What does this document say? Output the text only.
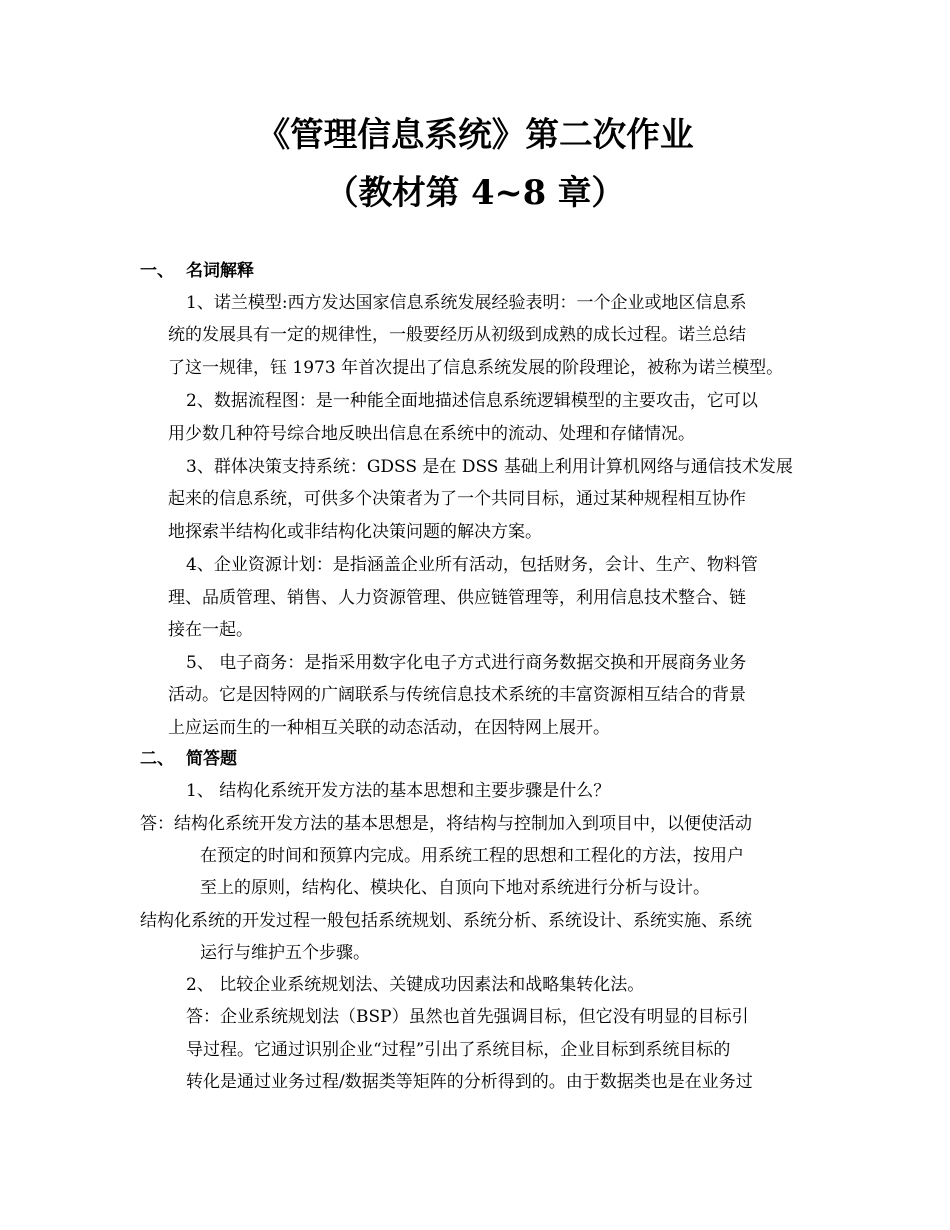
《管理信息系统》第二次作业
（教材第 4~8 章）
一、 名词解释
1、诺兰模型:西方发达国家信息系统发展经验表明：一个企业或地区信息系
统的发展具有一定的规律性，一般要经历从初级到成熟的成长过程。诺兰总结
了这一规律，钰 1973 年首次提出了信息系统发展的阶段理论，被称为诺兰模型。
2、数据流程图：是一种能全面地描述信息系统逻辑模型的主要攻击，它可以
用少数几种符号综合地反映出信息在系统中的流动、处理和存储情况。
3、群体决策支持系统：GDSS 是在 DSS 基础上利用计算机网络与通信技术发展
起来的信息系统，可供多个决策者为了一个共同目标，通过某种规程相互协作
地探索半结构化或非结构化决策问题的解决方案。
4、企业资源计划：是指涵盖企业所有活动，包括财务，会计、生产、物料管
理、品质管理、销售、人力资源管理、供应链管理等，利用信息技术整合、链
接在一起。
5、 电子商务：是指采用数字化电子方式进行商务数据交换和开展商务业务
活动。它是因特网的广阔联系与传统信息技术系统的丰富资源相互结合的背景
上应运而生的一种相互关联的动态活动，在因特网上展开。
二、 简答题
1、 结构化系统开发方法的基本思想和主要步骤是什么？
答：结构化系统开发方法的基本思想是，将结构与控制加入到项目中，以便使活动
在预定的时间和预算内完成。用系统工程的思想和工程化的方法，按用户
至上的原则，结构化、模块化、自顶向下地对系统进行分析与设计。
结构化系统的开发过程一般包括系统规划、系统分析、系统设计、系统实施、系统
运行与维护五个步骤。
2、 比较企业系统规划法、关键成功因素法和战略集转化法。
答：企业系统规划法（BSP）虽然也首先强调目标，但它没有明显的目标引
导过程。它通过识别企业“过程”引出了系统目标，企业目标到系统目标的
转化是通过业务过程/数据类等矩阵的分析得到的。由于数据类也是在业务过
